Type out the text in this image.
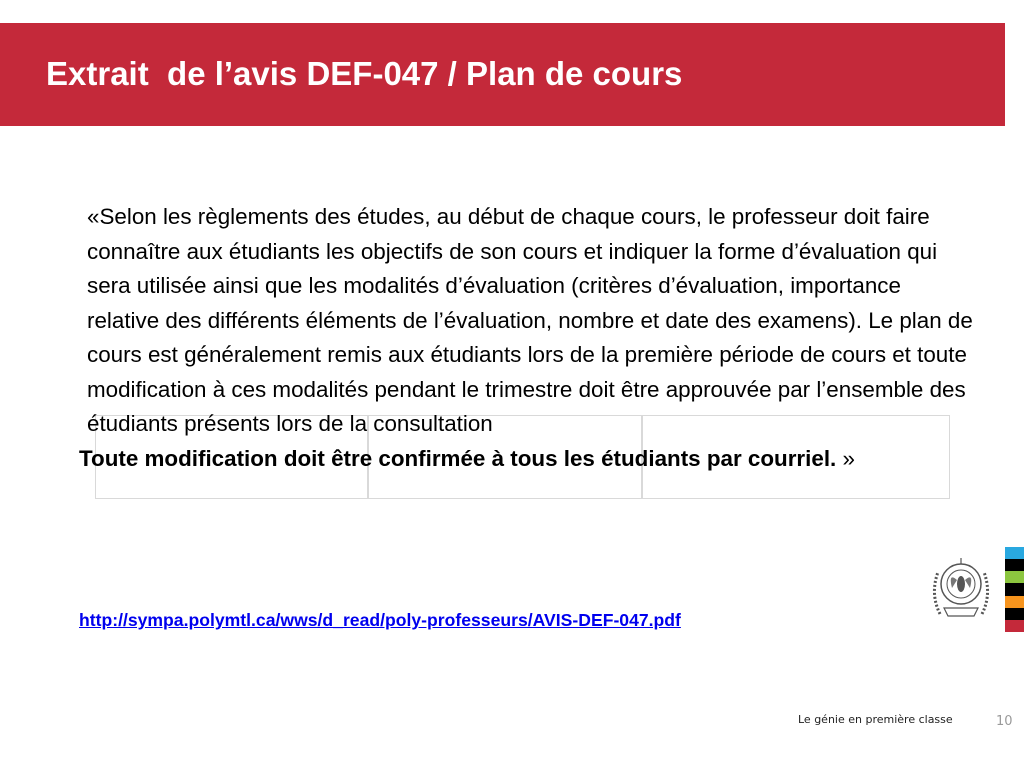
Extrait  de l’avis DEF-047 / Plan de cours

«Selon les règlements des études, au début de chaque cours, le professeur doit faire connaître aux étudiants les objectifs de son cours et indiquer la forme d’évaluation qui sera utilisée ainsi que les modalités d’évaluation (critères d’évaluation, importance relative des différents éléments de l’évaluation, nombre et date des examens). Le plan de cours est généralement remis aux étudiants lors de la première période de cours et toute modification à ces modalités pendant le trimestre doit être approuvée par l’ensemble des étudiants présents lors de la consultation

Toute modification doit être confirmée à tous les étudiants par courriel. »

http://sympa.polymtl.ca/wws/d_read/poly-professeurs/AVIS-DEF-047.pdf
Le génie en première classe	10
